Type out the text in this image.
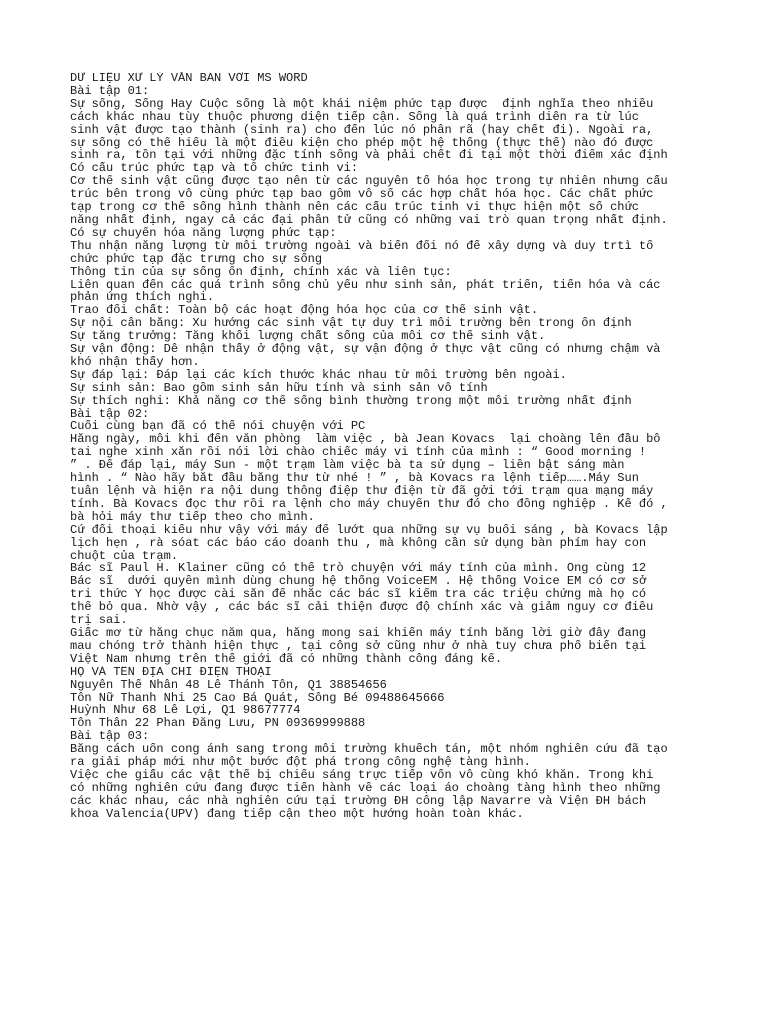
DỮ LIỆU XỬ LÝ VĂN BẢN VỚI MS WORD
Bài tập 01:
Sự sống, Sống Hay Cuộc sống là một khái niệm phức tạp được  định nghĩa theo nhiều
cách khác nhau tùy thuộc phương diện tiếp cận. Sống là quá trình diễn ra từ lúc
sinh vật được tạo thành (sinh ra) cho đến lúc nó phân rã (hay chết đi). Ngoài ra,
sự sống có thể hiểu là một điều kiện cho phép một hệ thống (thực thể) nào đó được
sinh ra, tồn tại với những đặc tính sống và phải chết đi tại một thời điểm xác định
Có cấu trúc phức tạp và tổ chức tinh vi:
Cơ thể sinh vật cũng được tạo nên từ các nguyên tố hóa học trong tự nhiên nhưng cấu
trúc bên trong vô cùng phức tạp bao gồm vô số các hợp chất hóa học. Các chất phức
tạp trong cơ thể sống hình thành nên các cấu trúc tinh vi thực hiện một số chức
năng nhất định, ngay cả các đại phân tử cũng có những vai trò quan trọng nhất định.
Có sự chuyển hóa năng lượng phức tạp:
Thu nhận năng lượng từ môi trường ngoài và biến đổi nó để xây dựng và duy trtì tổ
chức phức tạp đặc trưng cho sự sống
Thông tin của sự sống ổn định, chính xác và liên tục:
Liên quan đến các quá trình sống chủ yếu như sinh sản, phát triển, tiến hóa và các
phản ứng thích nghi.
Trao đổi chất: Toàn bộ các hoạt động hóa học của cơ thể sinh vật.
Sự nội cân bằng: Xu hướng các sinh vật tự duy trì môi trường bên trong ổn định
Sự tăng trưởng: Tăng khối lượng chất sống của mỗi cơ thể sinh vật.
Sự vận động: Dễ nhận thấy ở động vật, sự vận động ở thực vật cũng có nhưng chậm và
khó nhận thấy hơn.
Sự đáp lại: Đáp lại các kích thước khác nhau từ môi trường bên ngoài.
Sự sinh sản: Bao gồm sinh sản hữu tính và sinh sản vô tính
Sự thích nghi: Khả năng cơ thể sống bình thường trong một môi trường nhất định
Bài tập 02:
Cuối cùng bạn đã có thể nói chuyện với PC
Hằng ngày, mỗi khi đến văn phòng  làm việc , bà Jean Kovacs  lại choàng lên đầu bô
tai nghe xinh xắn rồi nói lời chào chiếc máy vi tính của mình : “ Good morning !
” . Để đáp lại, máy Sun - một trạm làm việc bà ta sử dụng – liền bật sáng màn
hình . “ Nào hãy bắt đầu bằng thư từ nhé ! ” , bà Kovacs ra lệnh tiếp…….Máy Sun
tuân lệnh và hiện ra nội dung thông điệp thư điện từ đã gởi tới trạm qua mạng máy
tính. Bà Kovacs đọc thư rồi ra lệnh cho máy chuyển thư đó cho đồng nghiệp . Kế đó ,
bà hỏi máy thư tiếp theo cho mình.
Cứ đối thoại kiểu như vậy với máy để lướt qua những sự vụ buổi sáng , bà Kovacs lập
lịch hẹn , rà sóat các báo cáo doanh thu , mà không cần sử dụng bàn phím hay con
chuột của trạm.
Bác sĩ Paul H. Klainer cũng có thể trò chuyện với máy tính của mình. Ông cùng 12
Bác sĩ  dưới quyền mình dùng chung hệ thống VoiceEM . Hệ thống Voice EM có cơ sở
tri thức Y học được cài sẵn để nhắc các bác sĩ kiểm tra các triệu chứng mà họ có
thể bỏ qua. Nhờ vậy , các bác sĩ cải thiện được độ chính xác và giảm nguy cơ điều
trị sai.
Giấc mơ từ hằng chục năm qua, hằng mong sai khiến máy tính bằng lời giờ đây đang
mau chóng trở thành hiện thực , tại công sở cũng như ở nhà tuy chưa phổ biến tại
Việt Nam nhưng trên thế giới đã có những thành công đáng kể.
HỌ VÀ TÊN ĐỊA CHỈ ĐIỆN THOẠI
Nguyễn Thế Nhân 48 Lê Thánh Tôn, Q1 38854656
Tôn Nữ Thanh Nhi 25 Cao Bá Quát, Sông Bé 09488645666
Huỳnh Như 68 Lê Lợi, Q1 98677774
Tôn Thân 22 Phan Đăng Lưu, PN 09369999888
Bài tập 03:
Bằng cách uốn cong ánh sang trong môi trường khuếch tán, một nhóm nghiên cứu đã tạo
ra giải pháp mới như một bước đột phá trong công nghệ tàng hình.
Việc che giấu các vật thể bị chiếu sáng trực tiếp vốn vô cùng khó khăn. Trong khi
có những nghiên cứu đang được tiến hành về các loại áo choàng tàng hình theo những
các khác nhau, các nhà nghiên cứu tại trường ĐH công lập Navarre và Viện ĐH bách
khoa Valencia(UPV) đang tiếp cận theo một hướng hoàn toàn khác.
